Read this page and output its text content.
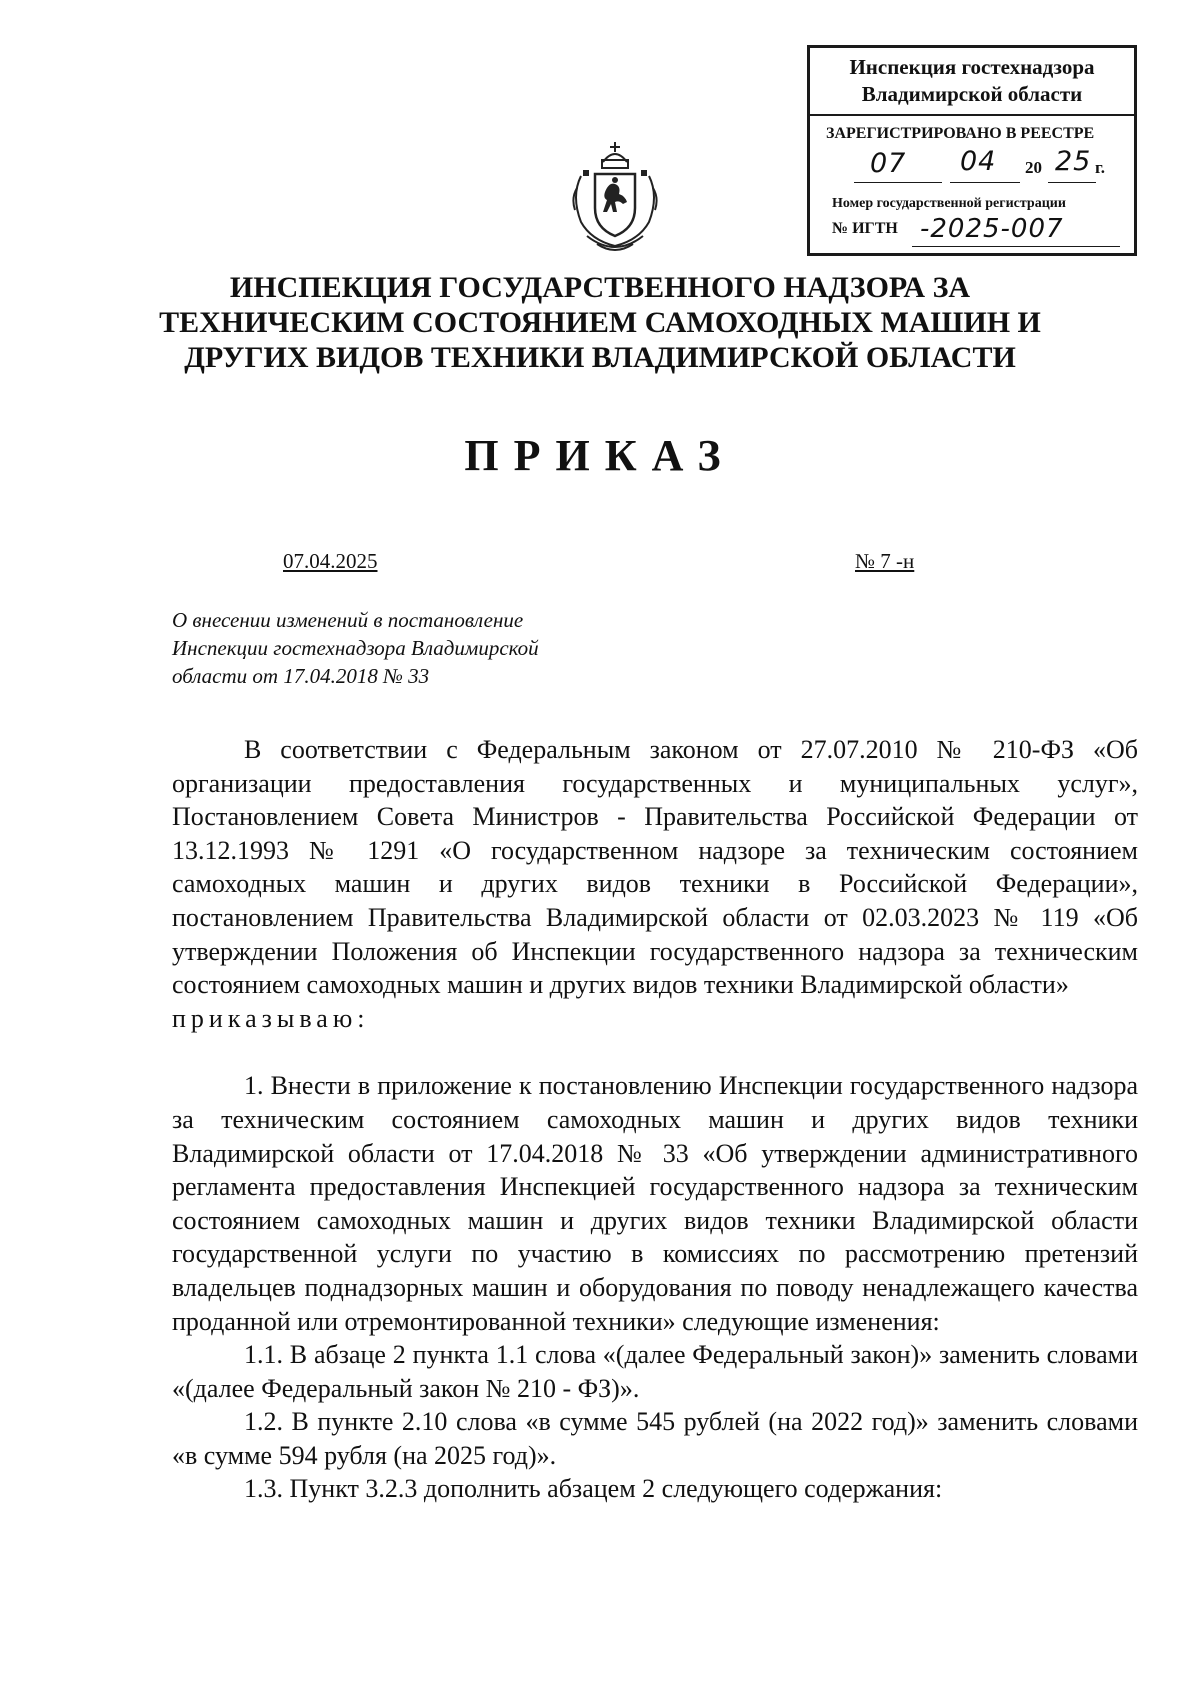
Инспекция гостехнадзора
Владимирской области
ЗАРЕГИСТРИРОВАНО В РЕЕСТРЕ
07 04 20 25 г.
Номер государственной регистрации
№ ИГТН -2025-007
ИНСПЕКЦИЯ ГОСУДАРСТВЕННОГО НАДЗОРА ЗА
ТЕХНИЧЕСКИМ СОСТОЯНИЕМ САМОХОДНЫХ МАШИН И
ДРУГИХ ВИДОВ ТЕХНИКИ ВЛАДИМИРСКОЙ ОБЛАСТИ
ПРИКАЗ
07.04.2025	№ 7 -н
О внесении изменений в постановление
Инспекции гостехнадзора Владимирской
области от 17.04.2018 № 33

В соответствии с Федеральным законом от 27.07.2010 № 210-ФЗ «Об организации предоставления государственных и муниципальных услуг», Постановлением Совета Министров - Правительства Российской Федерации от 13.12.1993 № 1291 «О государственном надзоре за техническим состоянием самоходных машин и других видов техники в Российской Федерации», постановлением Правительства Владимирской области от 02.03.2023 № 119 «Об утверждении Положения об Инспекции государственного надзора за техническим состоянием самоходных машин и других видов техники Владимирской области»

приказываю:

1. Внести в приложение к постановлению Инспекции государственного надзора за техническим состоянием самоходных машин и других видов техники Владимирской области от 17.04.2018 № 33 «Об утверждении административного регламента предоставления Инспекцией государственного надзора за техническим состоянием самоходных машин и других видов техники Владимирской области государственной услуги по участию в комиссиях по рассмотрению претензий владельцев поднадзорных машин и оборудования по поводу ненадлежащего качества проданной или отремонтированной техники» следующие изменения:

1.1. В абзаце 2 пункта 1.1 слова «(далее Федеральный закон)» заменить словами «(далее Федеральный закон № 210 - ФЗ)».

1.2. В пункте 2.10 слова «в сумме 545 рублей (на 2022 год)» заменить словами «в сумме 594 рубля (на 2025 год)».

1.3. Пункт 3.2.3 дополнить абзацем 2 следующего содержания:
